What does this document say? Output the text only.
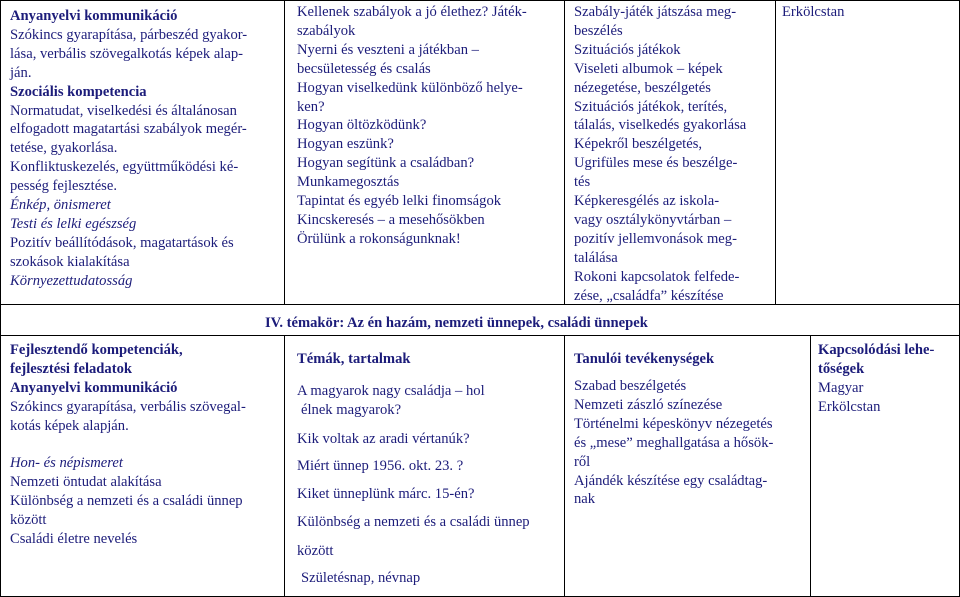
Anyanyelvi kommunikáció

Szókincs gyarapítása, párbeszéd gyakor-

lása, verbális szövegalkotás képek alap-

ján.

Szociális kompetencia

Normatudat, viselkedési és általánosan

elfogadott magatartási szabályok megér-

tetése, gyakorlása.

Konfliktuskezelés, együttműködési ké-

pesség fejlesztése.

Énkép, önismeret

Testi és lelki egészség

Pozitív beállítódások, magatartások és

szokások kialakítása

Környezettudatosság

Kellenek szabályok a jó élethez? Játék-

szabályok

Nyerni és veszteni a játékban –

becsületesség és csalás

Hogyan viselkedünk különböző helye-

ken?

Hogyan öltözködünk?

Hogyan eszünk?

Hogyan segítünk a családban?

Munkamegosztás

Tapintat és egyéb lelki finomságok

Kincskeresés – a mesehősökben

Örülünk a rokonságunknak!

Szabály-játék játszása meg-

beszélés

Szituációs játékok

Viseleti albumok – képek

nézegetése, beszélgetés

Szituációs játékok, terítés,

tálalás, viselkedés gyakorlása

Képekről beszélgetés,

Ugrifüles mese és beszélge-

tés

Képkeresgélés az iskola-

vagy osztálykönyvtárban –

pozitív jellemvonások meg-

találása

Rokoni kapcsolatok felfede-

zése, „családfa” készítése

Erkölcstan

IV. témakör: Az én hazám, nemzeti ünnepek, családi ünnepek

Fejlesztendő kompetenciák,

fejlesztési feladatok

Anyanyelvi kommunikáció

Szókincs gyarapítása, verbális szövegal-

kotás képek alapján.

Hon- és népismeret

Nemzeti öntudat alakítása

Különbség a nemzeti és a családi ünnep

között

Családi életre nevelés

Témák, tartalmak	Tanulói tevékenységek

Kapcsolódási lehe-

tőségek

A magyarok nagy családja – hol

élnek magyarok?

Kik voltak az aradi vértanúk?

Miért ünnep 1956. okt. 23. ?

Kiket ünneplünk márc. 15-én?

Különbség a nemzeti és a családi ünnep

között

Születésnap, névnap

Szabad beszélgetés

Nemzeti zászló színezése

Történelmi képeskönyv nézegetés

és „mese” meghallgatása a hősök-

ről

Ajándék készítése egy családtag-

nak

Magyar

Erkölcstan
